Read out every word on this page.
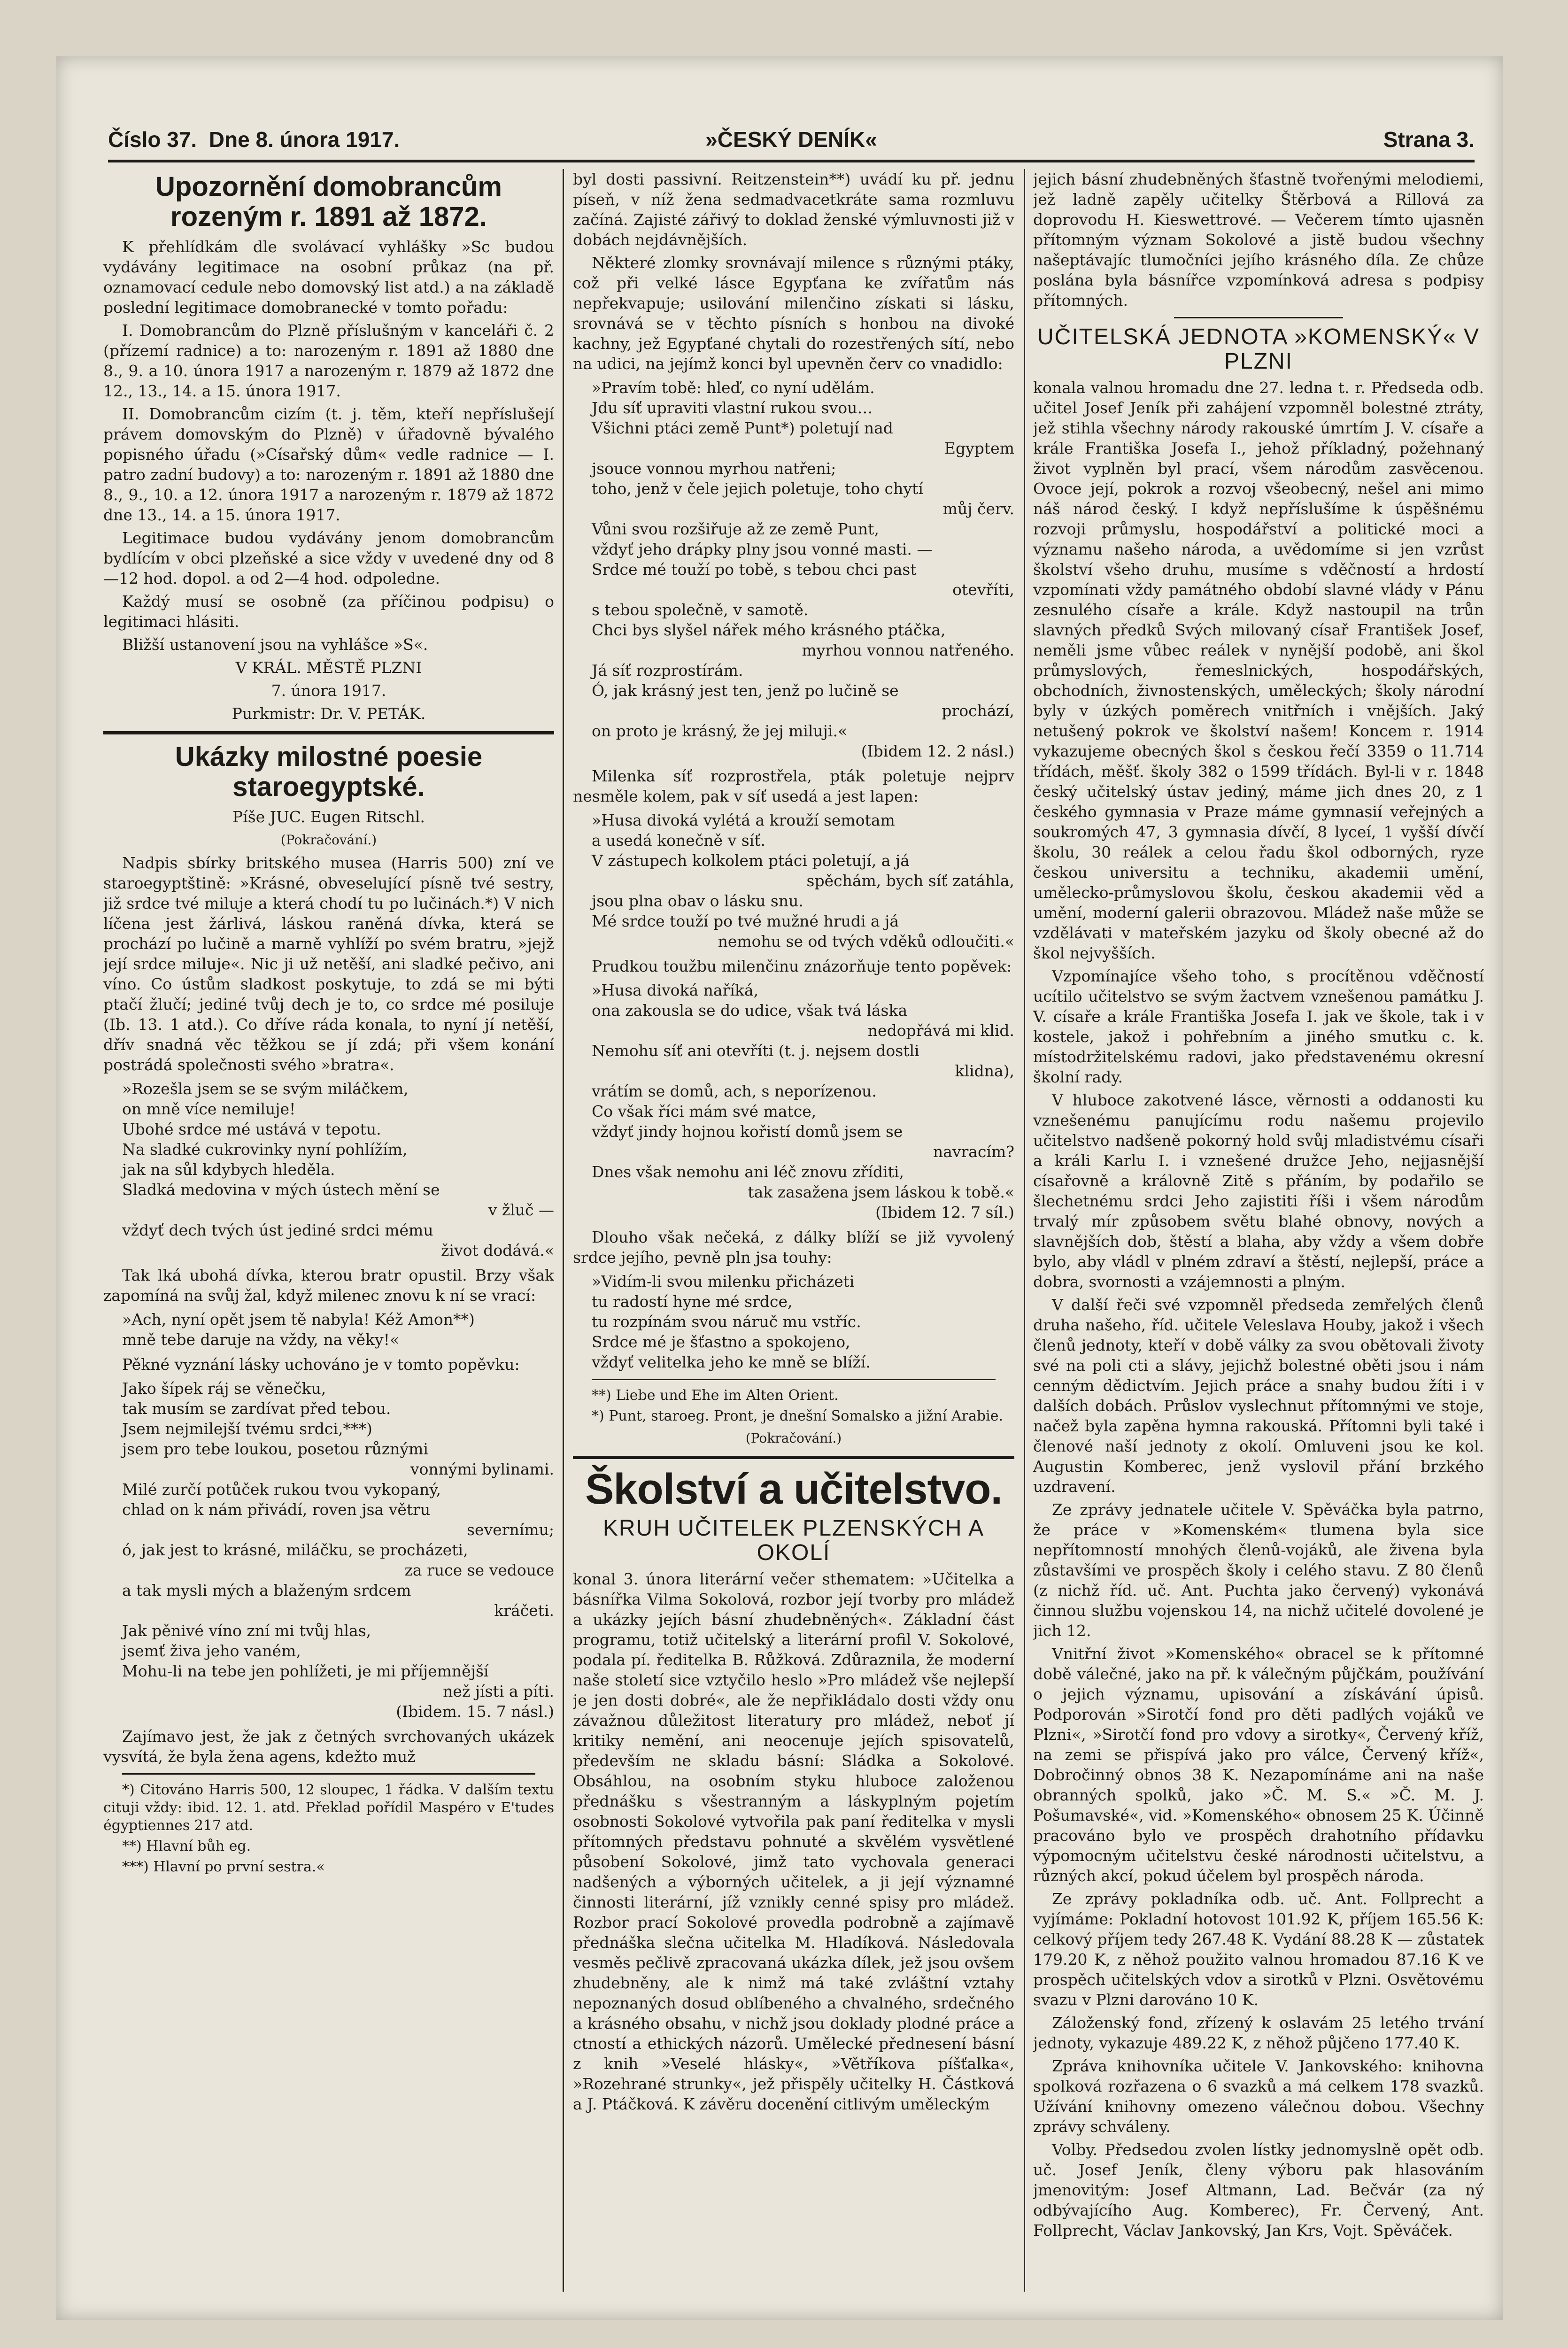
Číslo 37. Dne 8. února 1917.	»ČESKÝ DENÍK«	Strana 3.
Upozornění domobrancům rozeným r. 1891 až 1872.

K přehlídkám dle svolávací vyhlášky »Sc budou vydávány legitimace na osobní průkaz (na př. oznamovací cedule nebo domovský list atd.) a na základě poslední legitimace domobranecké v tomto pořadu:

I. Domobrancům do Plzně příslušným v kanceláři č. 2 (přízemí radnice) a to: narozeným r. 1891 až 1880 dne 8., 9. a 10. února 1917 a narozeným r. 1879 až 1872 dne 12., 13., 14. a 15. února 1917.

II. Domobrancům cizím (t. j. těm, kteří nepříslušejí právem domovským do Plzně) v úřadovně bývalého popisného úřadu (»Císařský dům« vedle radnice — I. patro zadní budovy) a to: narozeným r. 1891 až 1880 dne 8., 9., 10. a 12. února 1917 a narozeným r. 1879 až 1872 dne 13., 14. a 15. února 1917.

Legitimace budou vydávány jenom domobrancům bydlícím v obci plzeňské a sice vždy v uvedené dny od 8—12 hod. dopol. a od 2—4 hod. odpoledne.

Každý musí se osobně (za příčinou podpisu) o legitimaci hlásiti.

Bližší ustanovení jsou na vyhlášce »S«.

V KRÁL. MĚSTĚ PLZNI

7. února 1917.

Purkmistr: Dr. V. PETÁK.

Ukázky milostné poesie staroegyptské.

Píše JUC. Eugen Ritschl.

(Pokračování.)

Nadpis sbírky britského musea (Harris 500) zní ve staroegyptštině: »Krásné, obveselující písně tvé sestry, již srdce tvé miluje a která chodí tu po lučinách.*) V nich líčena jest žárlivá, láskou raněná dívka, která se prochází po lučině a marně vyhlíží po svém bratru, »jejž její srdce miluje«. Nic ji už netěší, ani sladké pečivo, ani víno. Co ústům sladkost poskytuje, to zdá se mi býti ptačí žlučí; jediné tvůj dech je to, co srdce mé posiluje (Ib. 13. 1 atd.). Co dříve ráda konala, to nyní jí netěší, dřív snadná věc těžkou se jí zdá; při všem konání postrádá společnosti svého »bratra«.

»Rozešla jsem se se svým miláčkem,
on mně více nemiluje!
Ubohé srdce mé ustává v tepotu.
Na sladké cukrovinky nyní pohlížím,
jak na sůl kdybych hleděla.
Sladká medovina v mých ústech mění se
v žluč —
vždyť dech tvých úst jediné srdci mému
život dodává.«

Tak lká ubohá dívka, kterou bratr opustil. Brzy však zapomíná na svůj žal, když milenec znovu k ní se vrací:

»Ach, nyní opět jsem tě nabyla! Kéž Amon**)
mně tebe daruje na vždy, na věky!«

Pěkné vyznání lásky uchováno je v tomto popěvku:

Jako šípek ráj se věnečku,
tak musím se zardívat před tebou.
Jsem nejmilejší tvému srdci,***)
jsem pro tebe loukou, posetou různými
vonnými bylinami.
Milé zurčí potůček rukou tvou vykopaný,
chlad on k nám přivádí, roven jsa větru
severnímu;
ó, jak jest to krásné, miláčku, se procházeti,
za ruce se vedouce
a tak mysli mých a blaženým srdcem
kráčeti.
Jak pěnivé víno zní mi tvůj hlas,
jsemť živa jeho vaném,
Mohu-li na tebe jen pohlížeti, je mi příjemnější
než jísti a píti.
(Ibidem. 15. 7 násl.)

Zajímavo jest, že jak z četných svrchovaných ukázek vysvítá, že byla žena agens, kdežto muž

*) Citováno Harris 500, 12 sloupec, 1 řádka. V dalším textu cituji vždy: ibid. 12. 1. atd. Překlad pořídil Maspéro v E'tudes égyptiennes 217 atd.

**) Hlavní bůh eg.

***) Hlavní po první sestra.«

byl dosti passivní. Reitzenstein**) uvádí ku př. jednu píseň, v níž žena sedmadvacetkráte sama rozmluvu začíná. Zajisté zářivý to doklad ženské výmluvnosti již v dobách nejdávnějších.

Některé zlomky srovnávají milence s různými ptáky, což při velké lásce Egypťana ke zvířatům nás nepřekvapuje; usilování milenčino získati si lásku, srovnává se v těchto písních s honbou na divoké kachny, jež Egypťané chytali do rozestřených sítí, nebo na udici, na jejímž konci byl upevněn červ co vnadidlo:

»Pravím tobě: hleď, co nyní udělám.
Jdu síť upraviti vlastní rukou svou…
Všichni ptáci země Punt*) poletují nad
Egyptem
jsouce vonnou myrhou natřeni;
toho, jenž v čele jejich poletuje, toho chytí
můj červ.
Vůni svou rozšiřuje až ze země Punt,
vždyť jeho drápky plny jsou vonné masti. —
Srdce mé touží po tobě, s tebou chci past
otevříti,
s tebou společně, v samotě.
Chci bys slyšel nářek mého krásného ptáčka,
myrhou vonnou natřeného.
Já síť rozprostírám.
Ó, jak krásný jest ten, jenž po lučině se
prochází,
on proto je krásný, že jej miluji.«
(Ibidem 12. 2 násl.)

Milenka síť rozprostřela, pták poletuje nejprv nesměle kolem, pak v síť usedá a jest lapen:

»Husa divoká vylétá a krouží semotam
a usedá konečně v síť.
V zástupech kolkolem ptáci poletují, a já
spěchám, bych síť zatáhla,
jsou plna obav o lásku snu.
Mé srdce touží po tvé mužné hrudi a já
nemohu se od tvých vděků odloučiti.«

Prudkou toužbu milenčinu znázorňuje tento popěvek:

»Husa divoká naříká,
ona zakousla se do udice, však tvá láska
nedopřává mi klid.
Nemohu síť ani otevříti (t. j. nejsem dostli
klidna),
vrátím se domů, ach, s neporízenou.
Co však říci mám své matce,
vždyť jindy hojnou kořistí domů jsem se
navracím?
Dnes však nemohu ani léč znovu zříditi,
tak zasažena jsem láskou k tobě.«
(Ibidem 12. 7 síl.)

Dlouho však nečeká, z dálky blíží se již vyvolený srdce jejího, pevně pln jsa touhy:

»Vidím-li svou milenku přicházeti
tu radostí hyne mé srdce,
tu rozpínám svou náruč mu vstříc.
Srdce mé je šťastno a spokojeno,
vždyť velitelka jeho ke mně se blíží.

**) Liebe und Ehe im Alten Orient.

*) Punt, staroeg. Pront, je dnešní Somalsko a jižní Arabie.

(Pokračování.)

Školství a učitelstvo.
KRUH UČITELEK PLZENSKÝCH A OKOLÍ

konal 3. února literární večer sthematem: »Učitelka a básnířka Vilma Sokolová, rozbor její tvorby pro mládež a ukázky jejích básní zhudebněných«. Základní část programu, totiž učitelský a literární profil V. Sokolové, podala pí. ředitelka B. Růžková. Zdůraznila, že moderní naše století sice vztyčilo heslo »Pro mládež vše nejlepší je jen dosti dobré«, ale že nepřikládalo dosti vždy onu závažnou důležitost literatury pro mládež, neboť jí kritiky nemění, ani neocenuje jejích spisovatelů, především ne skladu básní: Sládka a Sokolové. Obsáhlou, na osobním styku hluboce založenou přednášku s všestranným a láskyplným pojetím osobnosti Sokolové vytvořila pak paní ředitelka v mysli přítomných představu pohnuté a skvělém vysvětlené působení Sokolové, jimž tato vychovala generaci nadšených a výborných učitelek, a ji její významné činnosti literární, jíž vznikly cenné spisy pro mládež. Rozbor prací Sokolové provedla podrobně a zajímavě přednáška slečna učitelka M. Hladíková. Následovala vesměs pečlivě zpracovaná ukázka dílek, jež jsou ovšem zhudebněny, ale k nimž má také zvláštní vztahy nepoznaných dosud oblíbeného a chvalného, srdečného a krásného obsahu, v nichž jsou doklady plodné práce a ctností a ethických názorů. Umělecké přednesení básní z knih »Veselé hlásky«, »Větříkova píšťalka«, »Rozehrané strunky«, jež přispěly učitelky H. Částková a J. Ptáčková. K závěru docenění citlivým uměleckým

jejich básní zhudebněných šťastně tvořenými melodiemi, jež ladně zapěly učitelky Štěrbová a Rillová za doprovodu H. Kieswettrové. — Večerem tímto ujasněn přítomným význam Sokolové a jistě budou všechny našeptávajíc tlumočníci jejího krásného díla. Ze chůze poslána byla básnířce vzpomínková adresa s podpisy přítomných.

UČITELSKÁ JEDNOTA »KOMENSKÝ« V PLZNI

konala valnou hromadu dne 27. ledna t. r. Předseda odb. učitel Josef Jeník při zahájení vzpomněl bolestné ztráty, jež stihla všechny národy rakouské úmrtím J. V. císaře a krále Františka Josefa I., jehož příkladný, požehnaný život vyplněn byl prací, všem národům zasvěcenou. Ovoce její, pokrok a rozvoj všeobecný, nešel ani mimo náš národ český. I když nepříslušíme k úspěšnému rozvoji průmyslu, hospodářství a politické moci a významu našeho národa, a uvědomíme si jen vzrůst školství všeho druhu, musíme s vděčností a hrdostí vzpomínati vždy památného období slavné vlády v Pánu zesnulého císaře a krále. Když nastoupil na trůn slavných předků Svých milovaný císař František Josef, neměli jsme vůbec reálek v nynější podobě, ani škol průmyslových, řemeslnických, hospodářských, obchodních, živnostenských, uměleckých; školy národní byly v úzkých poměrech vnitřních i vnějších. Jaký netušený pokrok ve školství našem! Koncem r. 1914 vykazujeme obecných škol s českou řečí 3359 o 11.714 třídách, měšť. školy 382 o 1599 třídách. Byl-li v r. 1848 český učitelský ústav jediný, máme jich dnes 20, z 1 českého gymnasia v Praze máme gymnasií veřejných a soukromých 47, 3 gymnasia dívčí, 8 lyceí, 1 vyšší dívčí školu, 30 reálek a celou řadu škol odborných, ryze českou universitu a techniku, akademii umění, umělecko-průmyslovou školu, českou akademii věd a umění, moderní galerii obrazovou. Mládež naše může se vzdělávati v mateřském jazyku od školy obecné až do škol nejvyšších.

Vzpomínajíce všeho toho, s procítěnou vděčností ucítilo učitelstvo se svým žactvem vznešenou památku J. V. císaře a krále Františka Josefa I. jak ve škole, tak i v kostele, jakož i pohřebním a jiného smutku c. k. místodržitelskému radovi, jako představenému okresní školní rady.

V hluboce zakotvené lásce, věrnosti a oddanosti ku vznešenému panujícímu rodu našemu projevilo učitelstvo nadšeně pokorný hold svůj mladistvému císaři a králi Karlu I. i vznešené družce Jeho, nejjasnější císařovně a královně Zitě s přáním, by podařilo se šlechetnému srdci Jeho zajistiti říši i všem národům trvalý mír způsobem světu blahé obnovy, nových a slavnějších dob, štěstí a blaha, aby vždy a všem dobře bylo, aby vládl v plném zdraví a štěstí, nejlepší, práce a dobra, svornosti a vzájemnosti a plným.

V další řeči své vzpomněl předseda zemřelých členů druha našeho, říd. učitele Veleslava Houby, jakož i všech členů jednoty, kteří v době války za svou obětovali životy své na poli cti a slávy, jejichž bolestné oběti jsou i nám cenným dědictvím. Jejich práce a snahy budou žíti i v dalších dobách. Průslov vyslechnut přítomnými ve stoje, načež byla zapěna hymna rakouská. Přítomni byli také i členové naší jednoty z okolí. Omluveni jsou ke kol. Augustin Komberec, jenž vyslovil přání brzkého uzdravení.

Ze zprávy jednatele učitele V. Spěváčka byla patrno, že práce v »Komenském« tlumena byla sice nepřítomností mnohých členů-vojáků, ale živena byla zůstavšími ve prospěch školy i celého stavu. Z 80 členů (z nichž říd. uč. Ant. Puchta jako červený) vykonává činnou službu vojenskou 14, na nichž učitelé dovolené je jich 12.

Vnitřní život »Komenského« obracel se k přítomné době válečné, jako na př. k válečným půjčkám, používání o jejich významu, upisování a získávání úpisů. Podporován »Sirotčí fond pro děti padlých vojáků ve Plzni«, »Sirotčí fond pro vdovy a sirotky«, Červený kříž, na zemi se přispívá jako pro válce, Červený kříž«, Dobročinný obnos 38 K. Nezapomínáme ani na naše obranných spolků, jako »Č. M. S.« »Č. M. J. Pošumavské«, vid. »Komenského« obnosem 25 K. Účinně pracováno bylo ve prospěch drahotního přídavku výpomocným učitelstvu české národnosti učitelstvu, a různých akcí, pokud účelem byl prospěch národa.

Ze zprávy pokladníka odb. uč. Ant. Follprecht a vyjímáme: Pokladní hotovost 101.92 K, příjem 165.56 K: celkový příjem tedy 267.48 K. Vydání 88.28 K — zůstatek 179.20 K, z něhož použito valnou hromadou 87.16 K ve prospěch učitelských vdov a sirotků v Plzni. Osvětovému svazu v Plzni darováno 10 K.

Záloženský fond, zřízený k oslavám 25 letého trvání jednoty, vykazuje 489.22 K, z něhož půjčeno 177.40 K.

Zpráva knihovníka učitele V. Jankovského: knihovna spolková rozřazena o 6 svazků a má celkem 178 svazků. Užívání knihovny omezeno válečnou dobou. Všechny zprávy schváleny.

Volby. Předsedou zvolen lístky jednomyslně opět odb. uč. Josef Jeník, členy výboru pak hlasováním jmenovitým: Josef Altmann, Lad. Bečvár (za ný odbývajícího Aug. Komberec), Fr. Červený, Ant. Follprecht, Václav Jankovský, Jan Krs, Vojt. Spěváček.
